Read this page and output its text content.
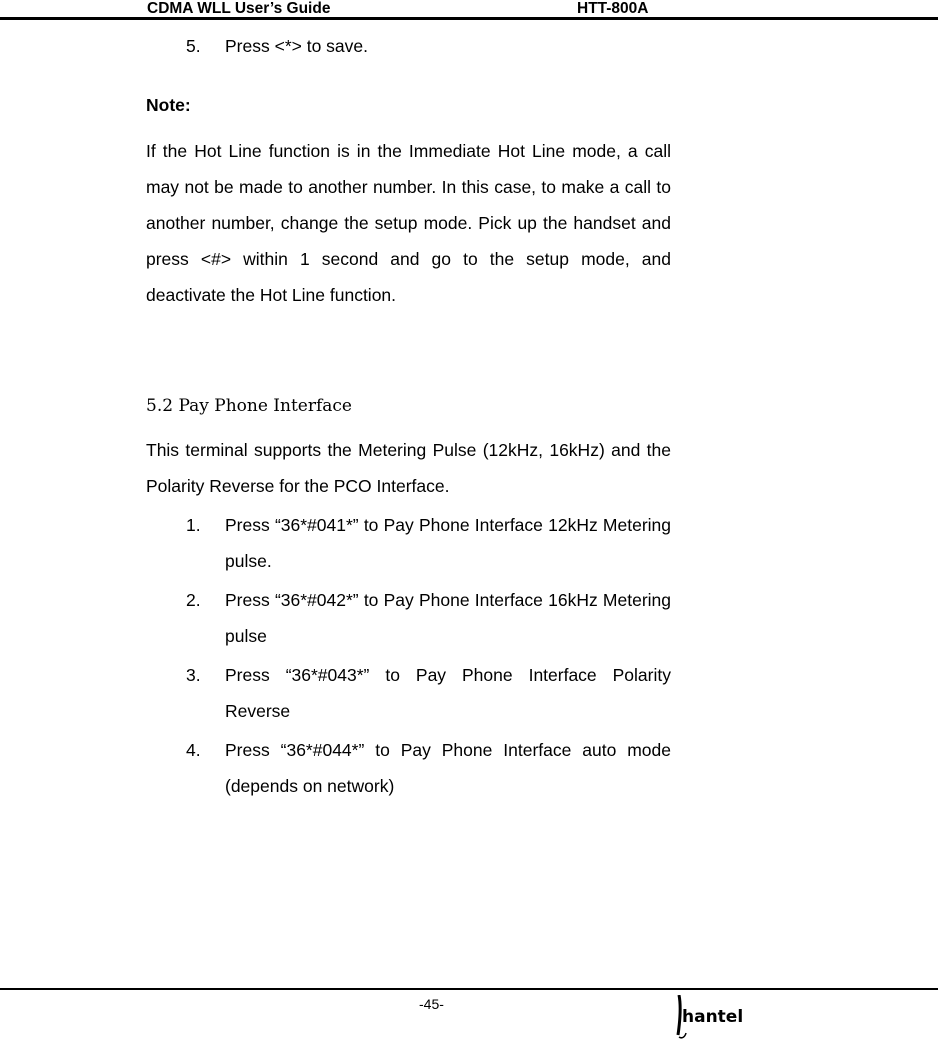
CDMA WLL User’s Guide	HTT-800A
5. Press <*> to save.
Note:
If the Hot Line function is in the Immediate Hot Line mode, a call may not be made to another number. In this case, to make a call to another number, change the setup mode. Pick up the handset and press <#> within 1 second and go to the setup mode, and deactivate the Hot Line function.
5.2 Pay Phone Interface
This terminal supports the Metering Pulse (12kHz, 16kHz) and the Polarity Reverse for the PCO Interface.
1. Press “36*#041*” to Pay Phone Interface 12kHz Metering pulse.
2. Press “36*#042*” to Pay Phone Interface 16kHz Metering pulse
3. Press “36*#043*” to Pay Phone Interface Polarity Reverse
4. Press “36*#044*” to Pay Phone Interface auto mode (depends on network)
-45-
hantel
